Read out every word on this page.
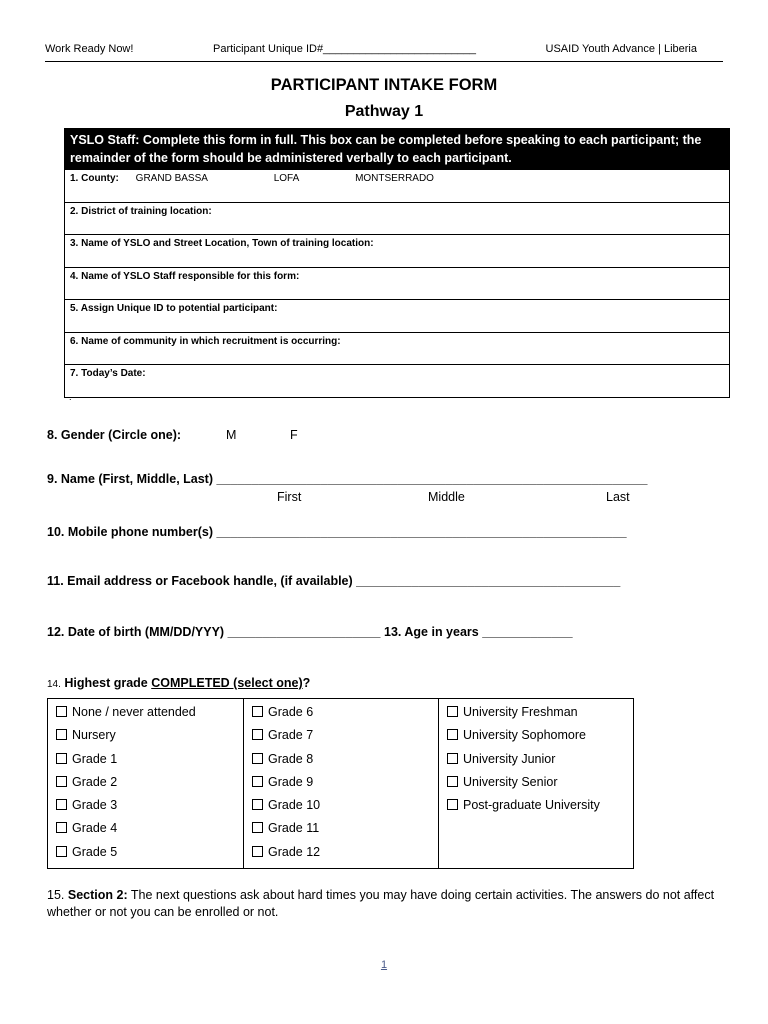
Work Ready Now!	Participant Unique ID#_________________________	USAID Youth Advance | Liberia
PARTICIPANT INTAKE FORM
Pathway 1
YSLO Staff: Complete this form in full. This box can be completed before speaking to each participant; the remainder of the form should be administered verbally to each participant.
1. County: GRAND BASSA	LOFA	MONTSERRADO
2. District of training location:
3. Name of YSLO and Street Location, Town of training location:
4. Name of YSLO Staff responsible for this form:
5. Assign Unique ID to potential participant:
6. Name of community in which recruitment is occurring:
7. Today’s Date:
.
8. Gender (Circle one):	M	F
9. Name (First, Middle, Last) ______________________________________________________________
First	Middle	Last
10. Mobile phone number(s) ___________________________________________________________
11. Email address or Facebook handle, (if available) ______________________________________
12. Date of birth (MM/DD/YYY) ______________________ 13. Age in years _____________
14. Highest grade COMPLETED (select one)?
None / never attended
Nursery
Grade 1
Grade 2
Grade 3
Grade 4
Grade 5
Grade 6
Grade 7
Grade 8
Grade 9
Grade 10
Grade 11
Grade 12
University Freshman
University Sophomore
University Junior
University Senior
Post-graduate University
15. Section 2: The next questions ask about hard times you may have doing certain activities. The answers do not affect whether or not you can be enrolled or not.
1
